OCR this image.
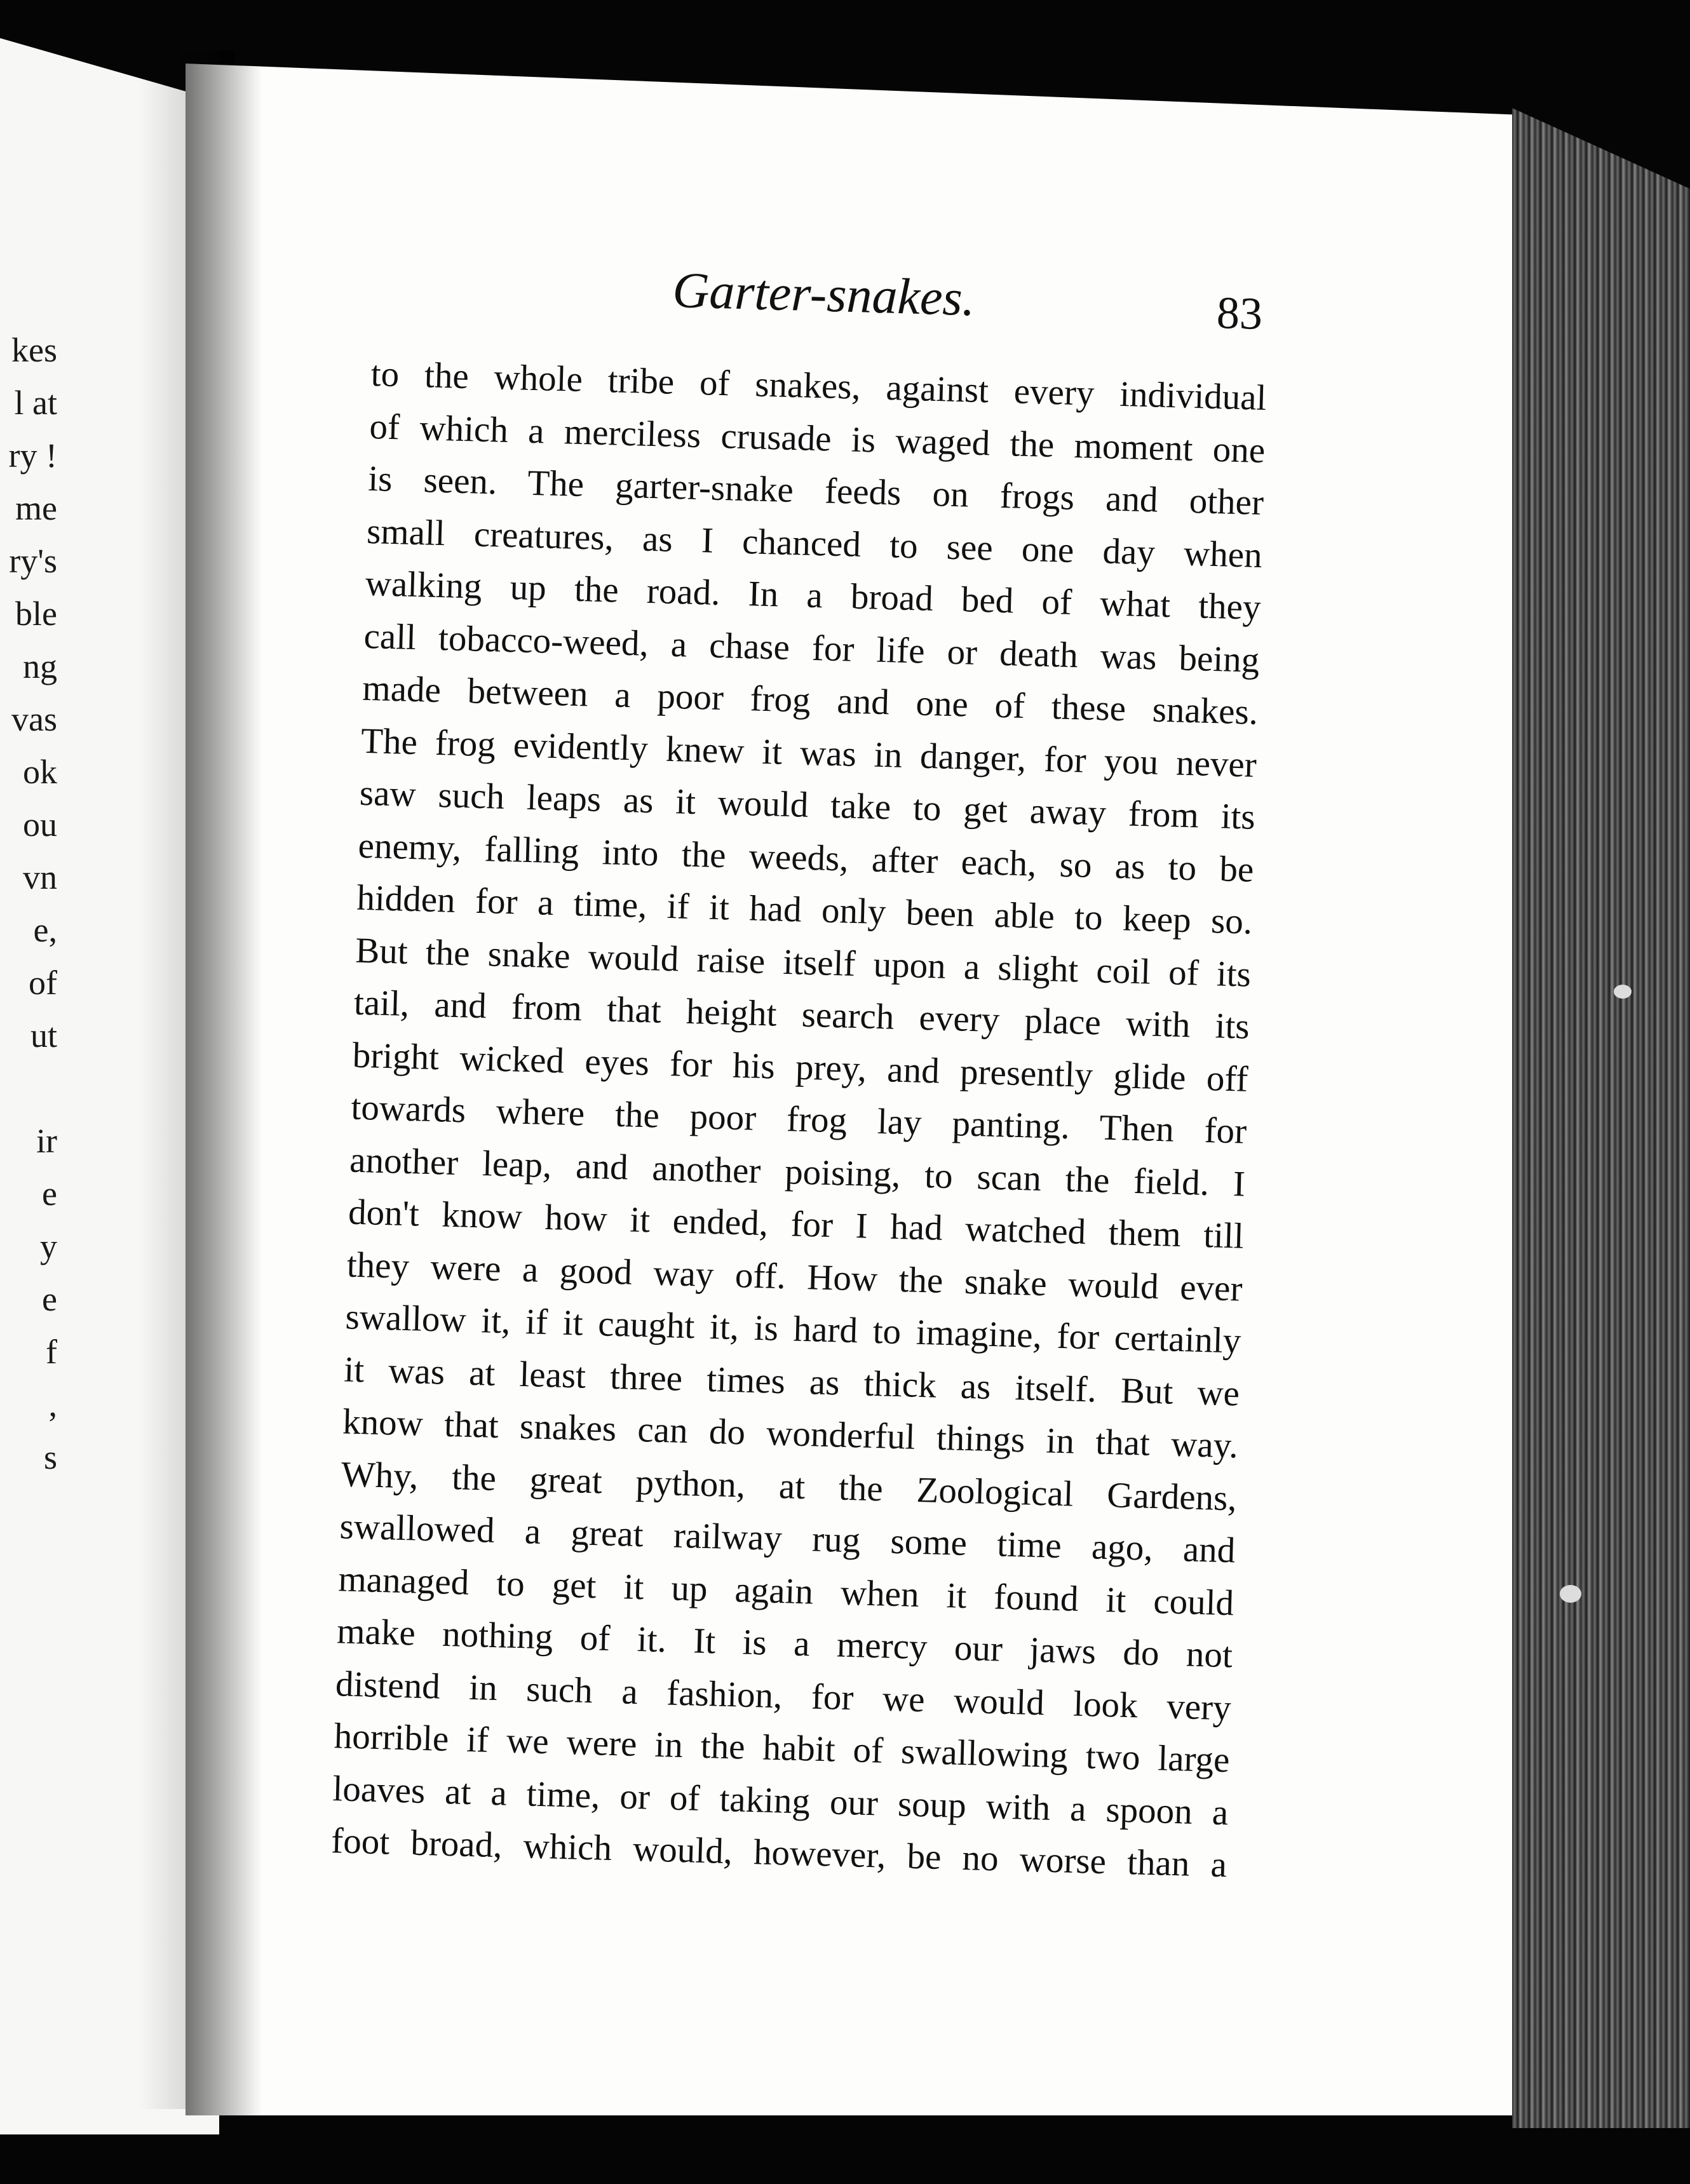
kes
l at
ry !
me
ry's
ble
ng
vas
ok
ou
vn
e,
of
ut
ir
e
y
e
f
,
s
Garter-snakes.	83
to the whole tribe of snakes, against every individual
of which a merciless crusade is waged the moment one
is seen. The garter-snake feeds on frogs and other
small creatures, as I chanced to see one day when
walking up the road. In a broad bed of what they
call tobacco-weed, a chase for life or death was being
made between a poor frog and one of these snakes.
The frog evidently knew it was in danger, for you never
saw such leaps as it would take to get away from its
enemy, falling into the weeds, after each, so as to be
hidden for a time, if it had only been able to keep so.
But the snake would raise itself upon a slight coil of its
tail, and from that height search every place with its
bright wicked eyes for his prey, and presently glide off
towards where the poor frog lay panting. Then for
another leap, and another poising, to scan the field. I
don't know how it ended, for I had watched them till
they were a good way off. How the snake would ever
swallow it, if it caught it, is hard to imagine, for certainly
it was at least three times as thick as itself. But we
know that snakes can do wonderful things in that way.
Why, the great python, at the Zoological Gardens,
swallowed a great railway rug some time ago, and
managed to get it up again when it found it could
make nothing of it. It is a mercy our jaws do not
distend in such a fashion, for we would look very
horrible if we were in the habit of swallowing two large
loaves at a time, or of taking our soup with a spoon a
foot broad, which would, however, be no worse than a
